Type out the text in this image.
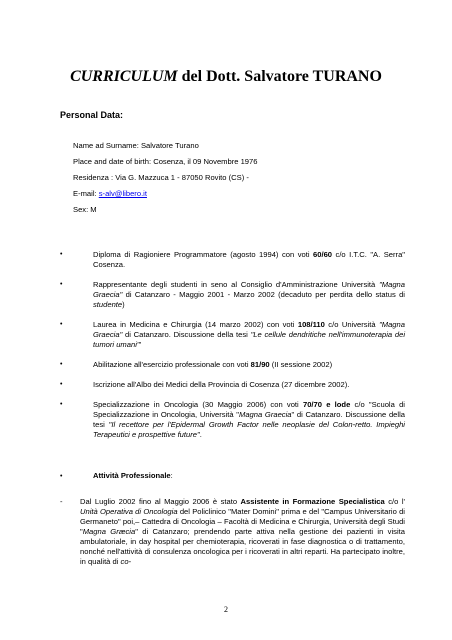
CURRICULUM del Dott. Salvatore TURANO
Personal Data:
Name ad Surname: Salvatore Turano
Place and date of birth: Cosenza, il 09 Novembre 1976
Residenza : Via G. Mazzuca 1 - 87050 Rovito (CS) -
E-mail: s-alv@libero.it
Sex: M
•	Diploma di Ragioniere Programmatore (agosto 1994) con voti 60/60 c/o I.T.C. "A. Serra" Cosenza.
•	Rappresentante degli studenti in seno al Consiglio d'Amministrazione Università "Magna Graecia" di Catanzaro - Maggio 2001 - Marzo 2002 (decaduto per perdita dello status di studente)
•	Laurea in Medicina e Chirurgia (14 marzo 2002) con voti 108/110 c/o Università "Magna Graecia" di Catanzaro. Discussione della tesi "Le cellule dendritiche nell'immunoterapia dei tumori umani"'
•	Abilitazione all'esercizio professionale con voti 81/90 (II sessione 2002)
•	Iscrizione all'Albo dei Medici della Provincia di Cosenza (27 dicembre 2002).
•	Specializzazione in Oncologia (30 Maggio 2006) con voti 70/70 e lode c/o "Scuola di Specializzazione in Oncologia, Università "Magna Graecia" di Catanzaro. Discussione della tesi "Il recettore per l'Epidermal Growth Factor nelle neoplasie del Colon-retto. Impieghi Terapeutici e prospettive future".
•	Attività Professionale:
- Dal Luglio 2002 fino al Maggio 2006 è stato Assistente in Formazione Specialistica c/o l' Unità Operativa di Oncologia del Policlinico "Mater Domini" prima e del "Campus Universitario di Germaneto" poi,– Cattedra di Oncologia – Facoltà di Medicina e Chirurgia, Università degli Studi "Magna Græcia" di Catanzaro; prendendo parte attiva nella gestione dei pazienti in visita ambulatoriale, in day hospital per chemioterapia, ricoverati in fase diagnostica o di trattamento, nonché nell'attività di consulenza oncologica per i ricoverati in altri reparti. Ha partecipato inoltre, in qualità di co-
2
